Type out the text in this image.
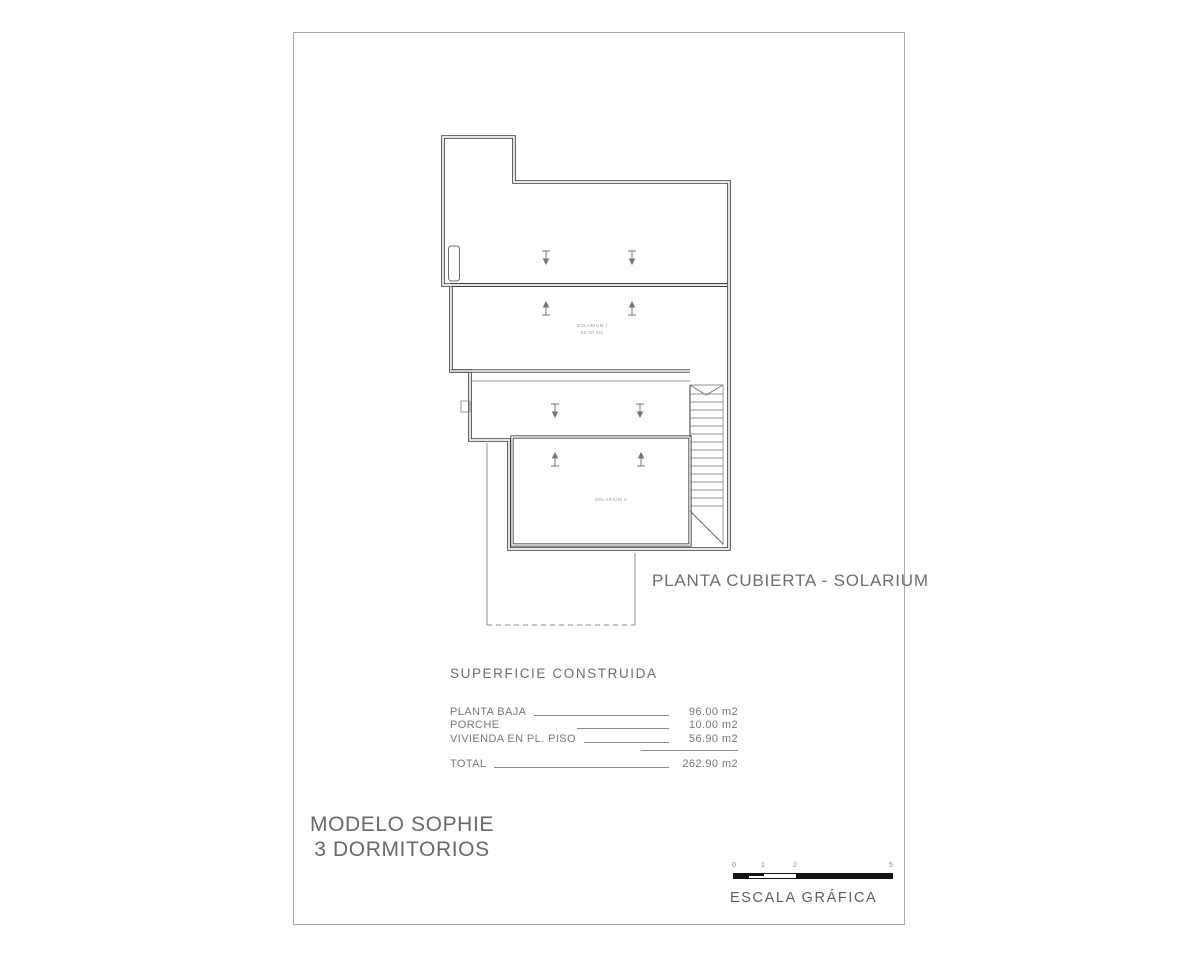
SOLARIUM I
52.50 M2
SOLARIUM II
PLANTA CUBIERTA - SOLARIUM
SUPERFICIE CONSTRUIDA
PLANTA BAJA	96.00 m2
PORCHE	10.00 m2
VIVIENDA EN PL. PISO	56.90 m2
TOTAL	262.90 m2
MODELO SOPHIE
3 DORMITORIOS
0	1	2	5
ESCALA GRÁFICA
